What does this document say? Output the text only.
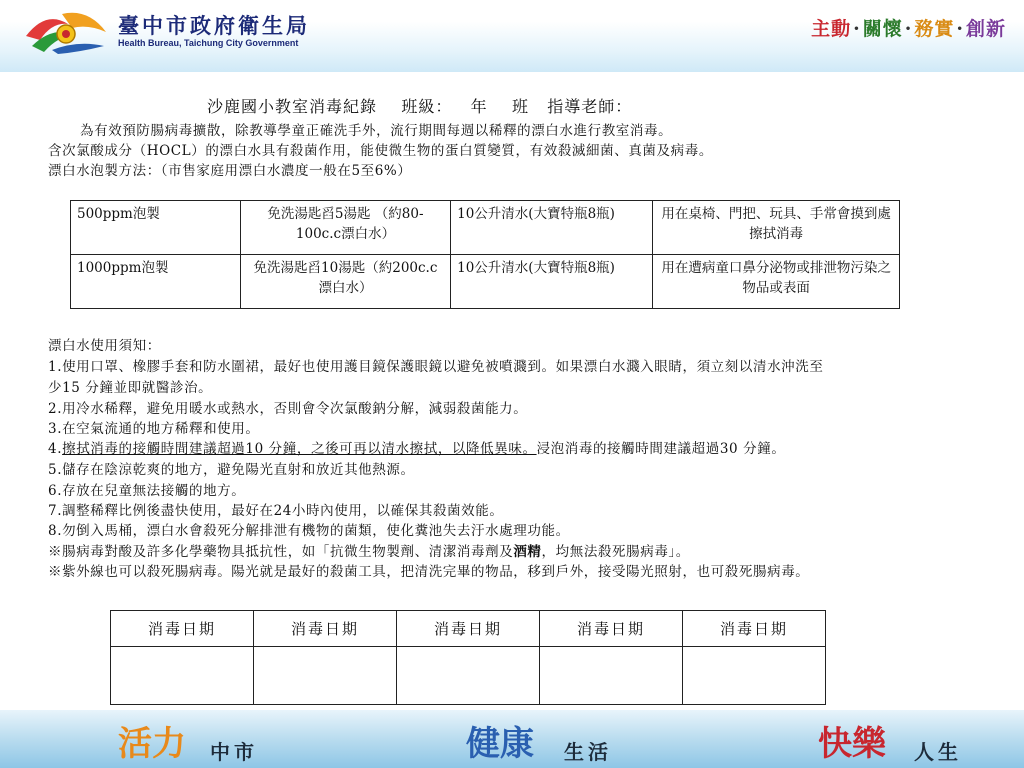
臺中市政府衛生局
Health Bureau, Taichung City Government
主動 · 關懷 · 務實 · 創新
沙鹿國小教室消毒紀錄    班級：   年    班   指導老師：
為有效預防腸病毒擴散，除教導學童正確洗手外，流行期間每週以稀釋的漂白水進行教室消毒。
含次氯酸成分（HOCL）的漂白水具有殺菌作用，能使微生物的蛋白質變質，有效殺滅細菌、真菌及病毒。
漂白水泡製方法：（市售家庭用漂白水濃度一般在5至6%）
500ppm泡製	免洗湯匙舀5湯匙 （約80-100c.c漂白水）	10公升清水(大寶特瓶8瓶)	用在桌椅、門把、玩具、手常會摸到處擦拭消毒
1000ppm泡製	免洗湯匙舀10湯匙（約200c.c漂白水）	10公升清水(大寶特瓶8瓶)	用在遭病童口鼻分泌物或排泄物污染之物品或表面
漂白水使用須知：
1.使用口罩、橡膠手套和防水圍裙，最好也使用護目鏡保護眼鏡以避免被噴濺到。如果漂白水濺入眼睛，須立刻以清水沖洗至
少15 分鐘並即就醫診治。
2.用冷水稀釋，避免用暖水或熱水，否則會令次氯酸鈉分解，減弱殺菌能力。
3.在空氣流通的地方稀釋和使用。
4.擦拭消毒的接觸時間建議超過10 分鐘，之後可再以清水擦拭，以降低異味。浸泡消毒的接觸時間建議超過30 分鐘。
5.儲存在陰涼乾爽的地方，避免陽光直射和放近其他熱源。
6.存放在兒童無法接觸的地方。
7.調整稀釋比例後盡快使用，最好在24小時內使用，以確保其殺菌效能。
8.勿倒入馬桶，漂白水會殺死分解排泄有機物的菌類，使化糞池失去汙水處理功能。
※腸病毒對酸及許多化學藥物具抵抗性，如「抗微生物製劑、清潔消毒劑及酒精，均無法殺死腸病毒」。
※紫外線也可以殺死腸病毒。陽光就是最好的殺菌工具，把清洗完畢的物品，移到戶外，接受陽光照射，也可殺死腸病毒。
消毒日期	消毒日期	消毒日期	消毒日期	消毒日期

活力 中市	健康 生活	快樂 人生
